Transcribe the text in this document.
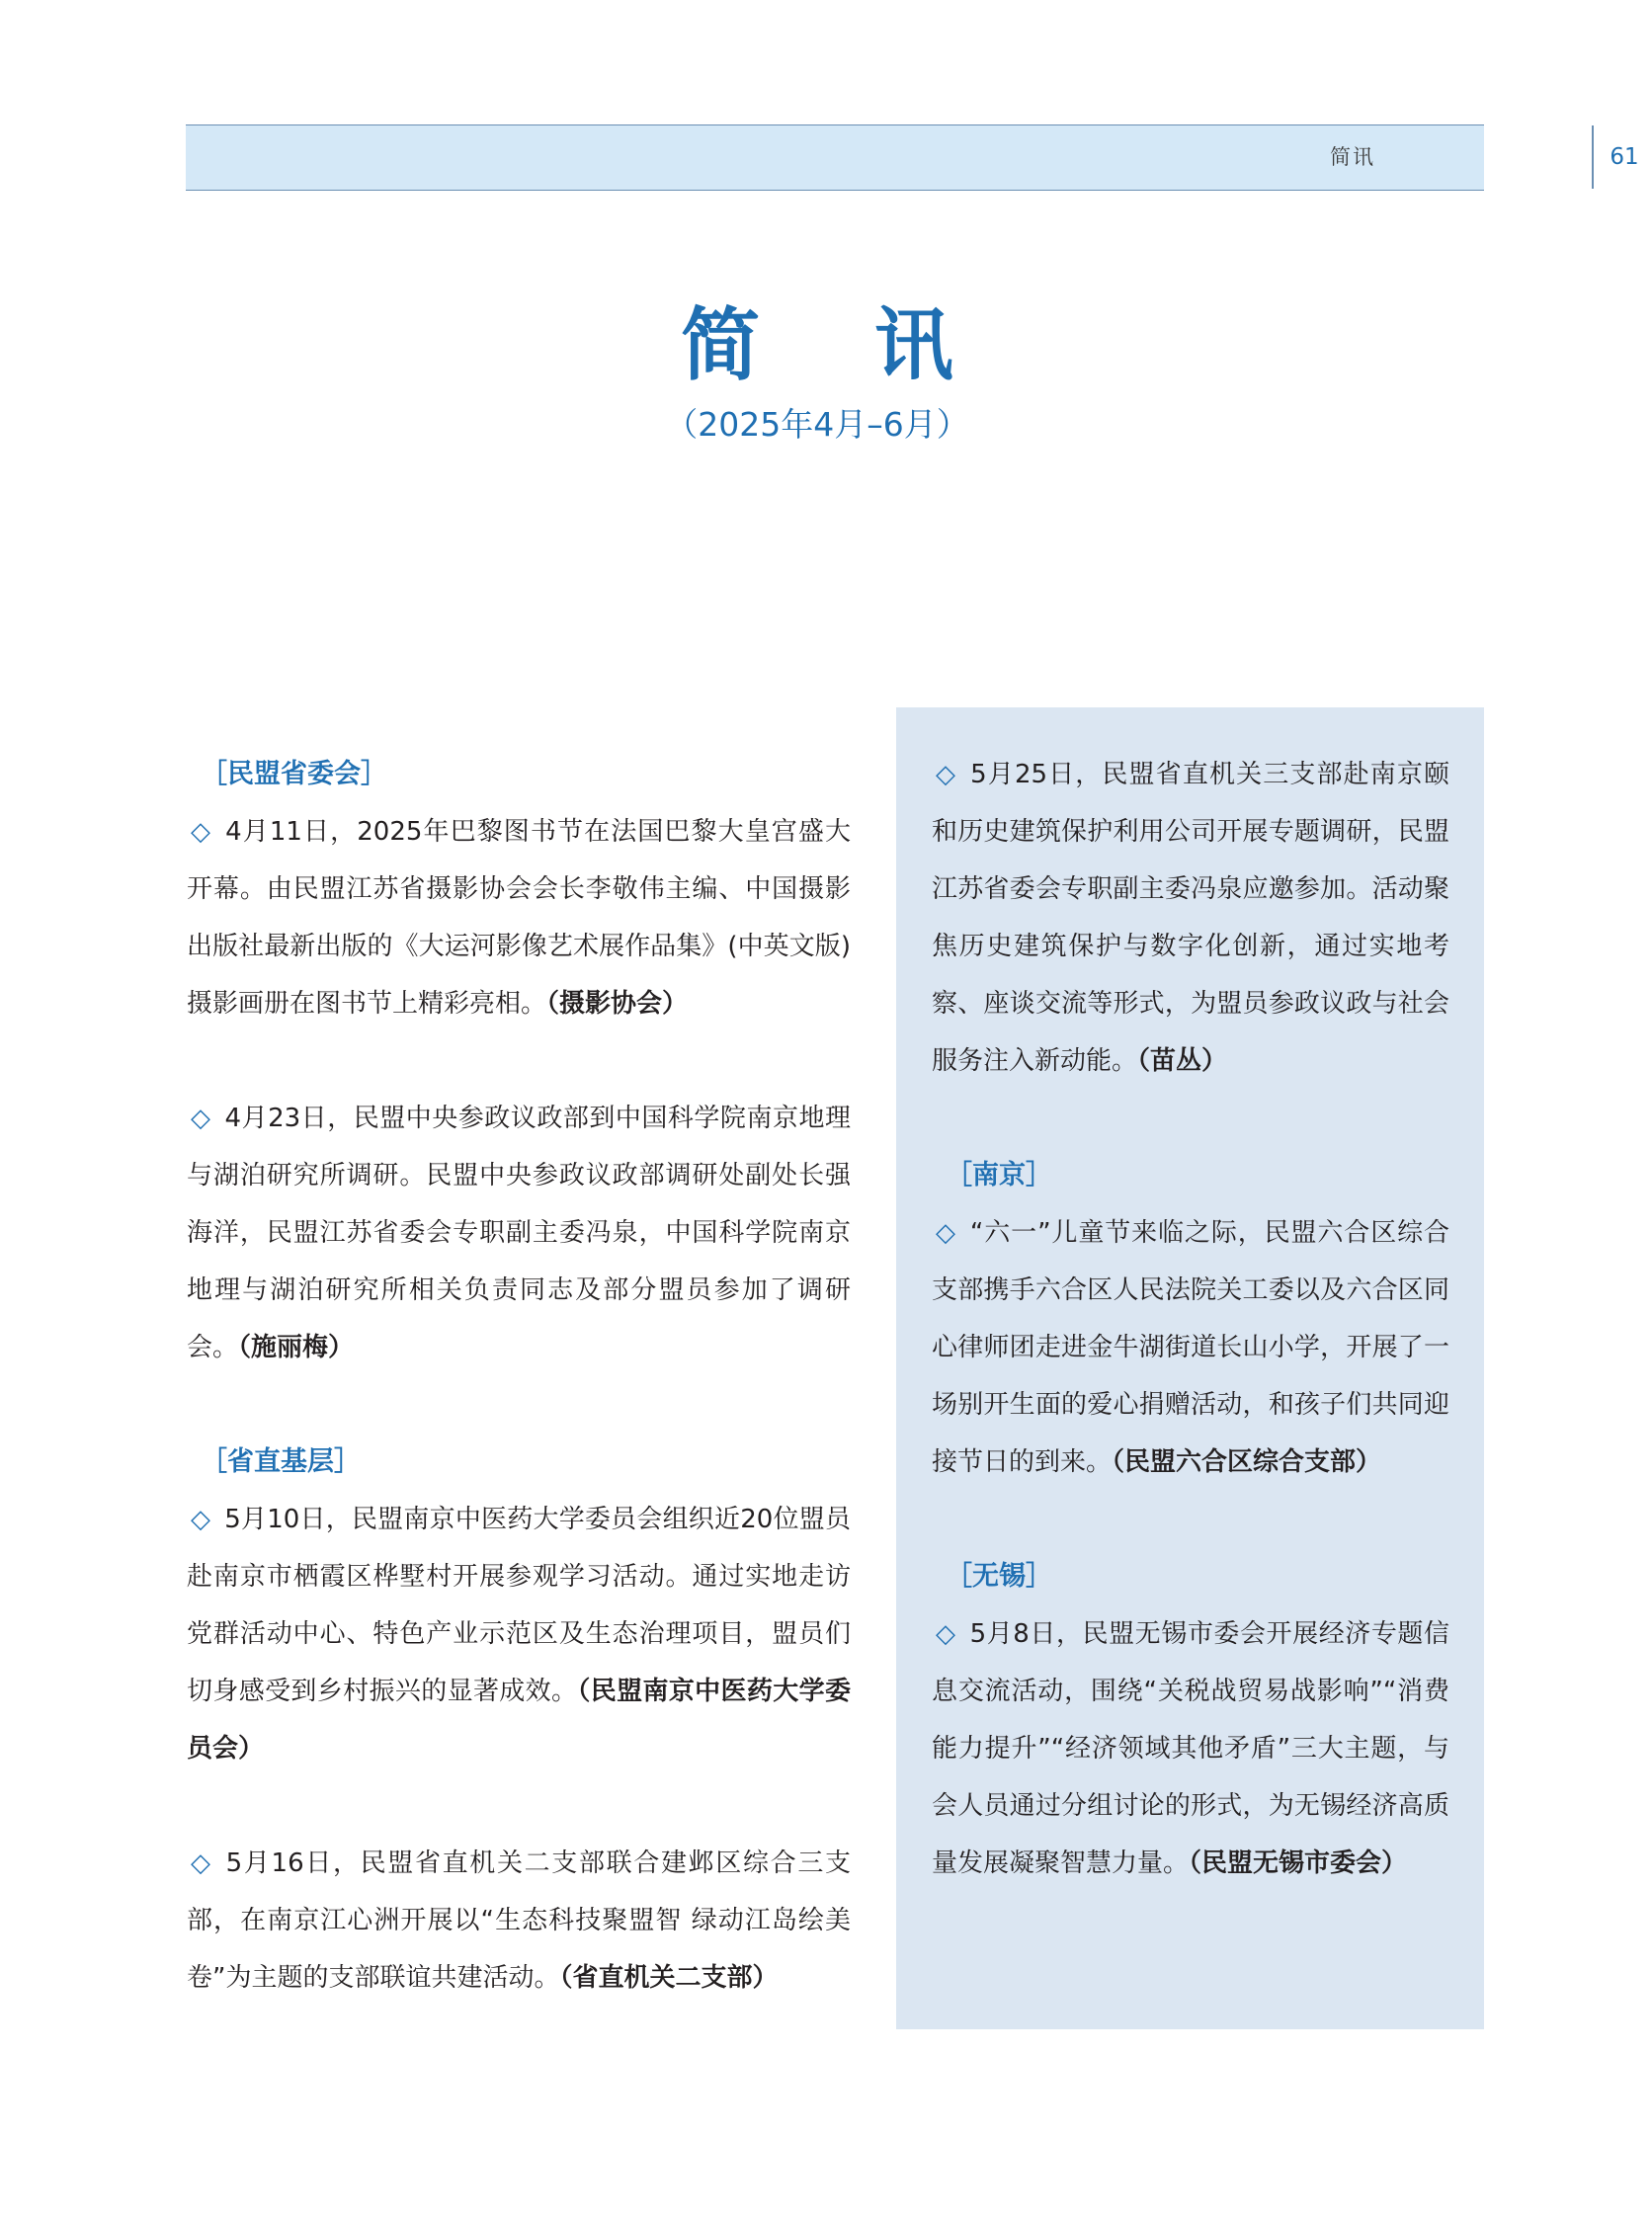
简讯	61
简 讯
（2025年4月–6月）
［民盟省委会］

◇ 4月11日，2025年巴黎图书节在法国巴黎大皇宫盛大开幕。由民盟江苏省摄影协会会长李敬伟主编、中国摄影出版社最新出版的《大运河影像艺术展作品集》(中英文版)摄影画册在图书节上精彩亮相。（摄影协会）

◇ 4月23日，民盟中央参政议政部到中国科学院南京地理与湖泊研究所调研。民盟中央参政议政部调研处副处长强海洋，民盟江苏省委会专职副主委冯泉，中国科学院南京地理与湖泊研究所相关负责同志及部分盟员参加了调研会。（施丽梅）

［省直基层］

◇ 5月10日，民盟南京中医药大学委员会组织近20位盟员赴南京市栖霞区桦墅村开展参观学习活动。通过实地走访党群活动中心、特色产业示范区及生态治理项目，盟员们切身感受到乡村振兴的显著成效。（民盟南京中医药大学委员会）

◇ 5月16日，民盟省直机关二支部联合建邺区综合三支部，在南京江心洲开展以“生态科技聚盟智 绿动江岛绘美卷”为主题的支部联谊共建活动。（省直机关二支部）

◇ 5月25日，民盟省直机关三支部赴南京颐和历史建筑保护利用公司开展专题调研，民盟江苏省委会专职副主委冯泉应邀参加。活动聚焦历史建筑保护与数字化创新，通过实地考察、座谈交流等形式，为盟员参政议政与社会服务注入新动能。（苗丛）

［南京］

◇ “六一”儿童节来临之际，民盟六合区综合支部携手六合区人民法院关工委以及六合区同心律师团走进金牛湖街道长山小学，开展了一场别开生面的爱心捐赠活动，和孩子们共同迎接节日的到来。（民盟六合区综合支部）

［无锡］

◇ 5月8日，民盟无锡市委会开展经济专题信息交流活动，围绕“关税战贸易战影响”“消费能力提升”“经济领域其他矛盾”三大主题，与会人员通过分组讨论的形式，为无锡经济高质量发展凝聚智慧力量。（民盟无锡市委会）
